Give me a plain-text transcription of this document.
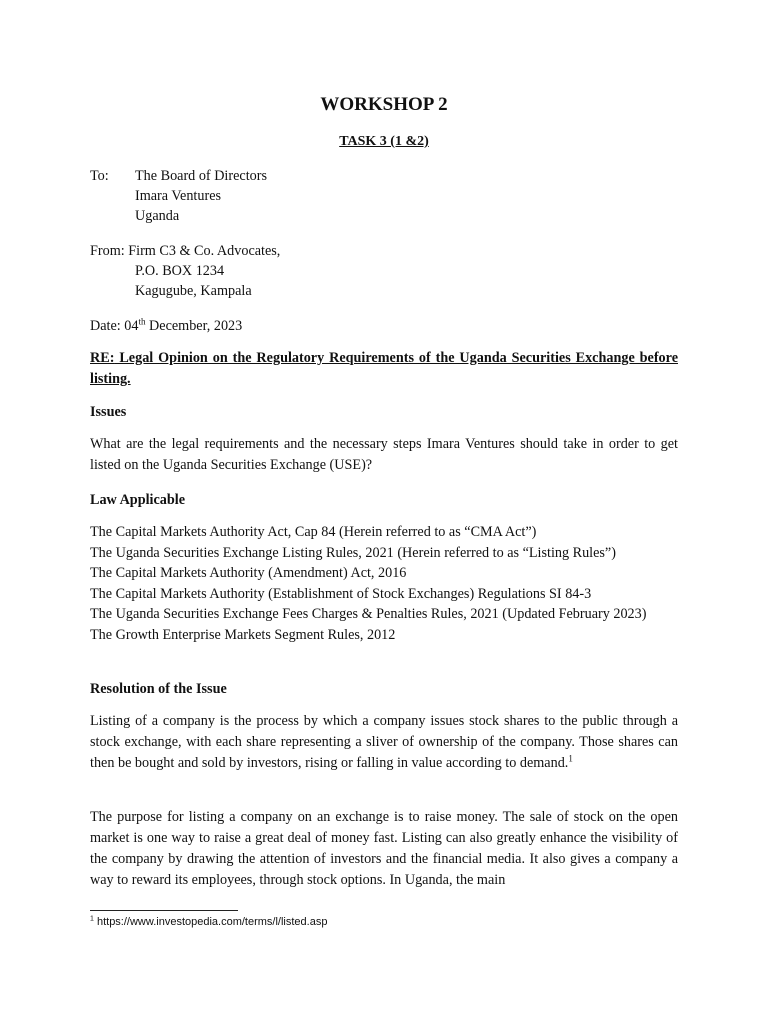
WORKSHOP 2
TASK 3 (1 &2)
To: The Board of Directors
Imara Ventures
Uganda
From: Firm C3 & Co. Advocates,
P.O. BOX 1234
Kagugube, Kampala
Date: 04th December, 2023
RE: Legal Opinion on the Regulatory Requirements of the Uganda Securities Exchange before listing.
Issues
What are the legal requirements and the necessary steps Imara Ventures should take in order to get listed on the Uganda Securities Exchange (USE)?
Law Applicable
The Capital Markets Authority Act, Cap 84 (Herein referred to as “CMA Act”)
The Uganda Securities Exchange Listing Rules, 2021 (Herein referred to as “Listing Rules”)
The Capital Markets Authority (Amendment) Act, 2016
The Capital Markets Authority (Establishment of Stock Exchanges) Regulations SI 84-3
The Uganda Securities Exchange Fees Charges & Penalties Rules, 2021 (Updated February 2023)
The Growth Enterprise Markets Segment Rules, 2012
Resolution of the Issue
Listing of a company is the process by which a company issues stock shares to the public through a stock exchange, with each share representing a sliver of ownership of the company. Those shares can then be bought and sold by investors, rising or falling in value according to demand.$^1$
The purpose for listing a company on an exchange is to raise money. The sale of stock on the open market is one way to raise a great deal of money fast. Listing can also greatly enhance the visibility of the company by drawing the attention of investors and the financial media. It also gives a company a way to reward its employees, through stock options. In Uganda, the main
$^1$ https://www.investopedia.com/terms/l/listed.asp
